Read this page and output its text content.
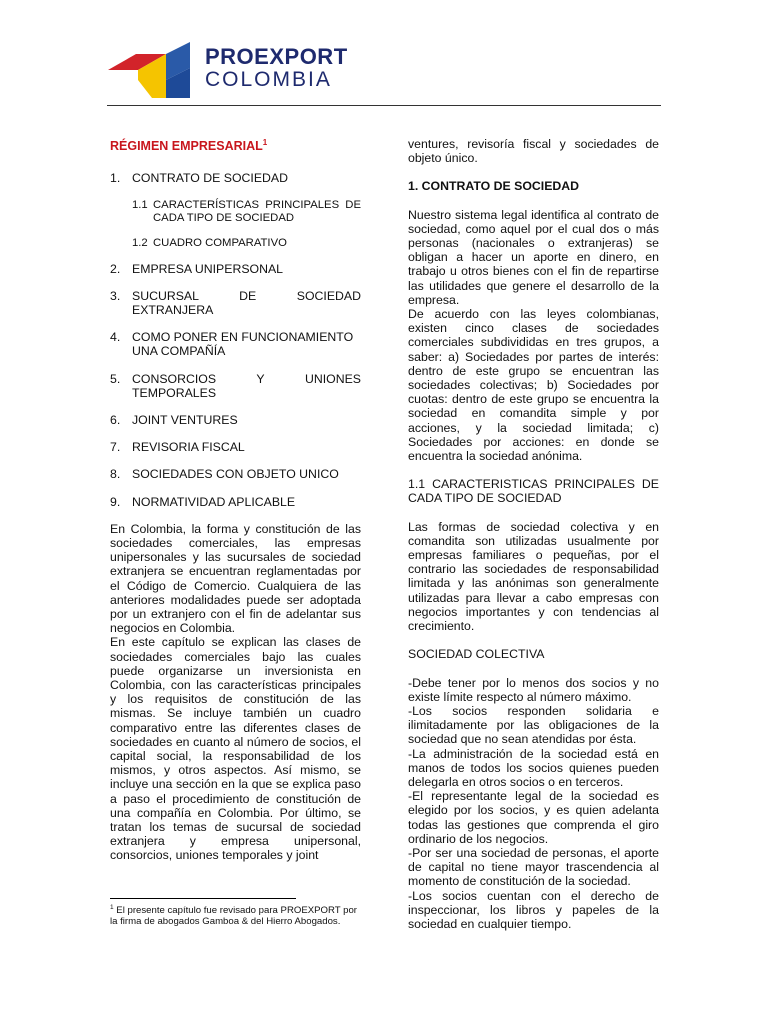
PROEXPORT
COLOMBIA

RÉGIMEN EMPRESARIAL$^1$

1. CONTRATO DE SOCIEDAD
1.1 CARACTERÍSTICAS PRINCIPALES DE CADA TIPO DE SOCIEDAD
1.2 CUADRO COMPARATIVO
2. EMPRESA UNIPERSONAL
3. SUCURSAL DE SOCIEDAD EXTRANJERA
4. COMO PONER EN FUNCIONAMIENTO UNA COMPAÑÍA
5. CONSORCIOS Y UNIONES TEMPORALES
6. JOINT VENTURES
7. REVISORIA FISCAL
8. SOCIEDADES CON OBJETO UNICO
9. NORMATIVIDAD APLICABLE

En Colombia, la forma y constitución de las sociedades comerciales, las empresas unipersonales y las sucursales de sociedad extranjera se encuentran reglamentadas por el Código de Comercio. Cualquiera de las anteriores modalidades puede ser adoptada por un extranjero con el fin de adelantar sus negocios en Colombia.

En este capítulo se explican las clases de sociedades comerciales bajo las cuales puede organizarse un inversionista en Colombia, con las características principales y los requisitos de constitución de las mismas. Se incluye también un cuadro comparativo entre las diferentes clases de sociedades en cuanto al número de socios, el capital social, la responsabilidad de los mismos, y otros aspectos. Así mismo, se incluye una sección en la que se explica paso a paso el procedimiento de constitución de una compañía en Colombia. Por último, se tratan los temas de sucursal de sociedad extranjera y empresa unipersonal, consorcios, uniones temporales y joint

$^1$ El presente capítulo fue revisado para PROEXPORT por la firma de abogados Gamboa & del Hierro Abogados.

ventures, revisoría fiscal y sociedades de objeto único.

1. CONTRATO DE SOCIEDAD

Nuestro sistema legal identifica al contrato de sociedad, como aquel por el cual dos o más personas (nacionales o extranjeras) se obligan a hacer un aporte en dinero, en trabajo u otros bienes con el fin de repartirse las utilidades que genere el desarrollo de la empresa.

De acuerdo con las leyes colombianas, existen cinco clases de sociedades comerciales subdivididas en tres grupos, a saber: a) Sociedades por partes de interés: dentro de este grupo se encuentran las sociedades colectivas; b) Sociedades por cuotas: dentro de este grupo se encuentra la sociedad en comandita simple y por acciones, y la sociedad limitada; c) Sociedades por acciones: en donde se encuentra la sociedad anónima.

1.1 CARACTERISTICAS PRINCIPALES DE CADA TIPO DE SOCIEDAD

Las formas de sociedad colectiva y en comandita son utilizadas usualmente por empresas familiares o pequeñas, por el contrario las sociedades de responsabilidad limitada y las anónimas son generalmente utilizadas para llevar a cabo empresas con negocios importantes y con tendencias al crecimiento.

SOCIEDAD COLECTIVA

-Debe tener por lo menos dos socios y no existe límite respecto al número máximo.

-Los socios responden solidaria e ilimitadamente por las obligaciones de la sociedad que no sean atendidas por ésta.

-La administración de la sociedad está en manos de todos los socios quienes pueden delegarla en otros socios o en terceros.

-El representante legal de la sociedad es elegido por los socios, y es quien adelanta todas las gestiones que comprenda el giro ordinario de los negocios.

-Por ser una sociedad de personas, el aporte de capital no tiene mayor trascendencia al momento de constitución de la sociedad.

-Los socios cuentan con el derecho de inspeccionar, los libros y papeles de la sociedad en cualquier tiempo.
